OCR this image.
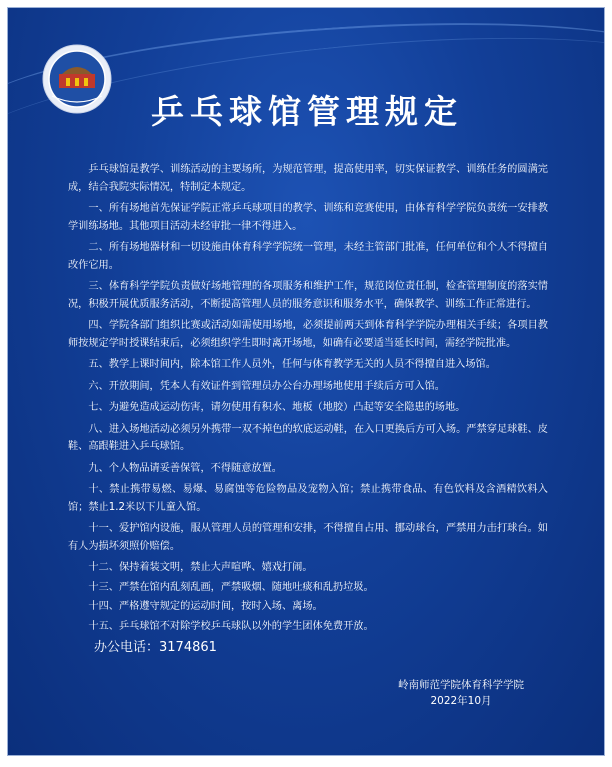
乒乓球馆管理规定

乒乓球馆是教学、训练活动的主要场所，为规范管理，提高使用率，切实保证教学、训练任务的圆满完成，结合我院实际情况，特制定本规定。

一、所有场地首先保证学院正常乒乓球项目的教学、训练和竞赛使用，由体育科学学院负责统一安排教学训练场地。其他项目活动未经审批一律不得进入。

二、所有场地器材和一切设施由体育科学学院统一管理，未经主管部门批准，任何单位和个人不得擅自改作它用。

三、体育科学学院负责做好场地管理的各项服务和维护工作，规范岗位责任制，检查管理制度的落实情况，积极开展优质服务活动，不断提高管理人员的服务意识和服务水平，确保教学、训练工作正常进行。

四、学院各部门组织比赛或活动如需使用场地，必须提前两天到体育科学学院办理相关手续；各项目教师按规定学时授课结束后，必须组织学生即时离开场地，如确有必要适当延长时间，需经学院批准。

五、教学上课时间内，除本馆工作人员外，任何与体育教学无关的人员不得擅自进入场馆。

六、开放期间，凭本人有效证件到管理员办公台办理场地使用手续后方可入馆。

七、为避免造成运动伤害，请勿使用有积水、地板（地胶）凸起等安全隐患的场地。

八、进入场地活动必须另外携带一双不掉色的软底运动鞋，在入口更换后方可入场。严禁穿足球鞋、皮鞋、高跟鞋进入乒乓球馆。

九、个人物品请妥善保管，不得随意放置。

十、禁止携带易燃、易爆、易腐蚀等危险物品及宠物入馆；禁止携带食品、有色饮料及含酒精饮料入馆；禁止1.2米以下儿童入馆。

十一、爱护馆内设施，服从管理人员的管理和安排，不得擅自占用、挪动球台，严禁用力击打球台。如有人为损坏须照价赔偿。

十二、保持着装文明，禁止大声喧哗、嬉戏打闹。

十三、严禁在馆内乱刻乱画，严禁吸烟、随地吐痰和乱扔垃圾。

十四、严格遵守规定的运动时间，按时入场、离场。

十五、乒乓球馆不对除学校乒乓球队以外的学生团体免费开放。

办公电话：3174861
岭南师范学院体育科学学院
2022年10月
